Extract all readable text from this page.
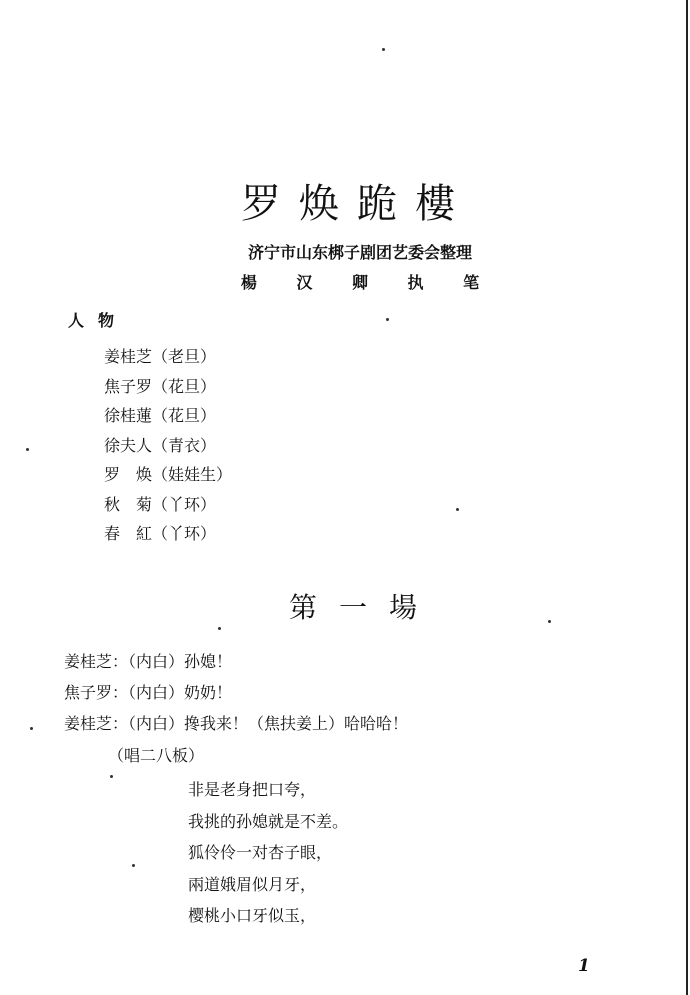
罗焕跪樓
济宁市山东梆子剧团艺委会整理
楊 汉 卿 执 笔
人物
姜桂芝（老旦）
焦子罗（花旦）
徐桂蓮（花旦）
徐夫人（青衣）
罗　焕（娃娃生）
秋　菊（丫环）
春　紅（丫环）
第一場
姜桂芝：（内白）孙媳！
焦子罗：（内白）奶奶！
姜桂芝：（内白）搀我来！（焦扶姜上）哈哈哈！
（唱二八板）
非是老身把口夸，
我挑的孙媳就是不差。
狐伶伶一对杏子眼，
兩道娥眉似月牙，
樱桃小口牙似玉，
1
